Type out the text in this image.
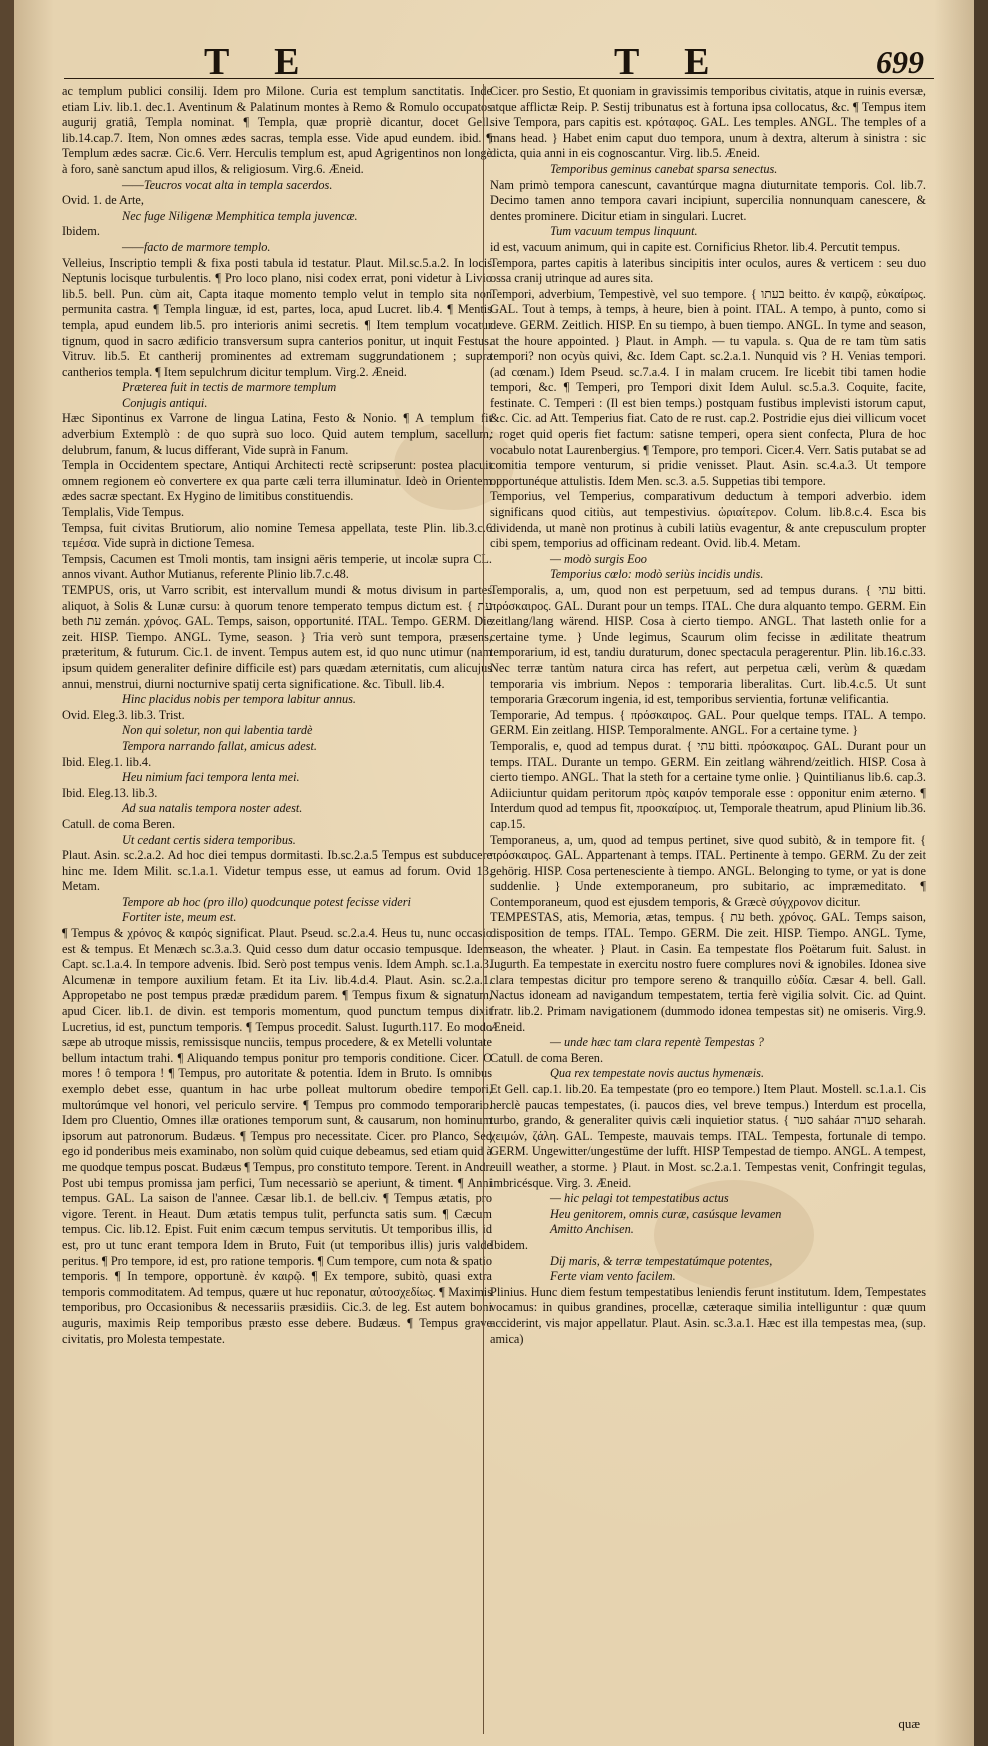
T E	T E	699

ac templum publici consilij. Idem pro Milone. Curia est templum sanctitatis. Inde etiam Liv. lib.1. dec.1. Aventinum & Palatinum montes à Remo & Romulo occupatos augurij gratiâ, Templa nominat. ¶ Templa, quæ propriè dicantur, docet Gell. lib.14.cap.7. Item, Non omnes ædes sacras, templa esse. Vide apud eundem. ibid. ¶ Templum ædes sacræ. Cic.6. Verr. Herculis templum est, apud Agrigentinos non longè à foro, sanè sanctum apud illos, & religiosum. Virg.6. Æneid.

——Teucros vocat alta in templa sacerdos.

Ovid. 1. de Arte,

Nec fuge Niligenæ Memphitica templa juvencæ.

Ibidem.

——facto de marmore templo.

Velleius, Inscriptio templi & fixa posti tabula id testatur. Plaut. Mil.sc.5.a.2. In locis Neptunis locisque turbulentis. ¶ Pro loco plano, nisi codex errat, poni videtur à Livio lib.5. bell. Pun. cùm ait, Capta itaque momento templo velut in templo sita non permunita castra. ¶ Templa linguæ, id est, partes, loca, apud Lucret. lib.4. ¶ Mentis templa, apud eundem lib.5. pro interioris animi secretis. ¶ Item templum vocatur tignum, quod in sacro ædificio transversum supra canterios ponitur, ut inquit Festus. Vitruv. lib.5. Et cantherij prominentes ad extremam suggrundationem ; supra cantherios templa. ¶ Item sepulchrum dicitur templum. Virg.2. Æneid.

Præterea fuit in tectis de marmore templum

Conjugis antiqui.

Hæc Sipontinus ex Varrone de lingua Latina, Festo & Nonio. ¶ A templum fit adverbium Extemplò : de quo suprà suo loco. Quid autem templum, sacellum, delubrum, fanum, & lucus differant, Vide suprà in Fanum.

Templa in Occidentem spectare, Antiqui Architecti rectè scripserunt: postea placuit omnem regionem eò convertere ex qua parte cæli terra illuminatur. Ideò in Orientem ædes sacræ spectant. Ex Hygino de limitibus constituendis.

Templalis, Vide Tempus.

Tempsa, fuit civitas Brutiorum, alio nomine Temesa appellata, teste Plin. lib.3.c.6 τεμέσα. Vide suprà in dictione Temesa.

Tempsis, Cacumen est Tmoli montis, tam insigni aëris temperie, ut incolæ supra CL. annos vivant. Author Mutianus, referente Plinio lib.7.c.48.

TEMPUS, oris, ut Varro scribit, est intervallum mundi & motus divisum in partes aliquot, à Solis & Lunæ cursu: à quorum tenore temperato tempus dictum est. { עת beth עת zemán. χρόνος. GAL. Temps, saison, opportunité. ITAL. Tempo. GERM. Die zeit. HISP. Tiempo. ANGL. Tyme, season. } Tria verò sunt tempora, præsens, præteritum, & futurum. Cic.1. de invent. Tempus autem est, id quo nunc utimur (nam ipsum quidem generaliter definire difficile est) pars quædam æternitatis, cum alicujus annui, menstrui, diurni nocturnive spatij certa significatione. &c. Tibull. lib.4.

Hinc placidus nobis per tempora labitur annus.

Ovid. Eleg.3. lib.3. Trist.

Non qui soletur, non qui labentia tardè

Tempora narrando fallat, amicus adest.

Ibid. Eleg.1. lib.4.

Heu nimium faci tempora lenta mei.

Ibid. Eleg.13. lib.3.

Ad sua natalis tempora noster adest.

Catull. de coma Beren.

Ut cedant certis sidera temporibus.

Plaut. Asin. sc.2.a.2. Ad hoc diei tempus dormitasti. Ib.sc.2.a.5 Tempus est subducere hinc me. Idem Milit. sc.1.a.1. Videtur tempus esse, ut eamus ad forum. Ovid 13. Metam.

Tempore ab hoc (pro illo) quodcunque potest fecisse videri

Fortiter iste, meum est.

¶ Tempus & χρόνος & καιρός significat. Plaut. Pseud. sc.2.a.4. Heus tu, nunc occasio est & tempus. Et Menæch sc.3.a.3. Quid cesso dum datur occasio tempusque. Idem Capt. sc.1.a.4. In tempore advenis. Ibid. Serò post tempus venis. Idem Amph. sc.1.a.3. Alcumenæ in tempore auxilium fetam. Et ita Liv. lib.4.d.4. Plaut. Asin. sc.2.a.1. Appropetabo ne post tempus prædæ prædidum parem. ¶ Tempus fixum & signatum, apud Cicer. lib.1. de divin. est temporis momentum, quod punctum tempus dixit Lucretius, id est, punctum temporis. ¶ Tempus procedit. Salust. Iugurth.117. Eo modo sæpe ab utroque missis, remissisque nunciis, tempus procedere, & ex Metelli voluntate bellum intactum trahi. ¶ Aliquando tempus ponitur pro temporis conditione. Cicer. O mores ! ô tempora ! ¶ Tempus, pro autoritate & potentia. Idem in Bruto. Is omnibus exemplo debet esse, quantum in hac urbe polleat multorum obedire tempori, multorúmque vel honori, vel periculo servire. ¶ Tempus pro commodo temporario. Idem pro Cluentio, Omnes illæ orationes temporum sunt, & causarum, non hominum ipsorum aut patronorum. Budæus. ¶ Tempus pro necessitate. Cicer. pro Planco, Sed ego id ponderibus meis examinabo, non solùm quid cuique debeamus, sed etiam quid à me quodque tempus poscat. Budæus ¶ Tempus, pro constituto tempore. Terent. in Andr. Post ubi tempus promissa jam perfici, Tum necessariò se aperiunt, & timent. ¶ Anni tempus. GAL. La saison de l'annee. Cæsar lib.1. de bell.civ. ¶ Tempus ætatis, pro vigore. Terent. in Heaut. Dum ætatis tempus tulit, perfuncta satis sum. ¶ Cæcum tempus. Cic. lib.12. Epist. Fuit enim cæcum tempus servitutis. Ut temporibus illis, id est, pro ut tunc erant tempora Idem in Bruto, Fuit (ut temporibus illis) juris valde peritus. ¶ Pro tempore, id est, pro ratione temporis. ¶ Cum tempore, cum nota & spatio temporis. ¶ In tempore, opportunè. ἐν καιρῷ. ¶ Ex tempore, subitò, quasi extra temporis commoditatem. Ad tempus, quære ut huc reponatur, αὐτοσχεδίως. ¶ Maximis temporibus, pro Occasionibus & necessariis præsidiis. Cic.3. de leg. Est autem boni auguris, maximis Reip temporibus præsto esse debere. Budæus. ¶ Tempus grave civitatis, pro Molesta tempestate.

Cicer. pro Sestio, Et quoniam in gravissimis temporibus civitatis, atque in ruinis eversæ, atque afflictæ Reip. P. Sestij tribunatus est à fortuna ipsa collocatus, &c. ¶ Tempus item sive Tempora, pars capitis est. κρόταφος. GAL. Les temples. ANGL. The temples of a mans head. } Habet enim caput duo tempora, unum à dextra, alterum à sinistra : sic dicta, quia anni in eis cognoscantur. Virg. lib.5. Æneid.

Temporibus geminus canebat sparsa senectus.

Nam primò tempora canescunt, cavantúrque magna diuturnitate temporis. Col. lib.7. Decimo tamen anno tempora cavari incipiunt, supercilia nonnunquam canescere, & dentes prominere. Dicitur etiam in singulari. Lucret.

Tum vacuum tempus linquunt.

id est, vacuum animum, qui in capite est. Cornificius Rhetor. lib.4. Percutit tempus.

Tempora, partes capitis à lateribus sincipitis inter oculos, aures & verticem : seu duo ossa cranij utrinque ad aures sita.

Tempori, adverbium, Tempestivè, vel suo tempore. { בעתו beitto. ἐν καιρῷ, εὐκαίρως. GAL. Tout à temps, à temps, à heure, bien à point. ITAL. A tempo, à punto, como si deve. GERM. Zeitlich. HISP. En su tiempo, à buen tiempo. ANGL. In tyme and season, at the houre appointed. } Plaut. in Amph. — tu vapula. s. Qua de re tam tùm satis tempori? non ocyùs quivi, &c. Idem Capt. sc.2.a.1. Nunquid vis ? H. Venias tempori. (ad cœnam.) Idem Pseud. sc.7.a.4. I in malam crucem. Ire licebit tibi tamen hodie tempori, &c. ¶ Temperi, pro Tempori dixit Idem Aulul. sc.5.a.3. Coquite, facite, festinate. C. Temperi : (Il est bien temps.) postquam fustibus implevisti istorum caput, &c. Cic. ad Att. Temperius fiat. Cato de re rust. cap.2. Postridie ejus diei villicum vocet : roget quid operis fiet factum: satisne temperi, opera sient confecta, Plura de hoc vocabulo notat Laurenbergius. ¶ Tempore, pro tempori. Cicer.4. Verr. Satis putabat se ad comitia tempore venturum, si pridie venisset. Plaut. Asin. sc.4.a.3. Ut tempore opportunéque attulistis. Idem Men. sc.3. a.5. Suppetias tibi tempore.

Temporius, vel Temperius, comparativum deductum à tempori adverbio. idem significans quod citiùs, aut tempestivius. ὡριαίτερον. Colum. lib.8.c.4. Esca bis dividenda, ut manè non protinus à cubili latiùs evagentur, & ante crepusculum propter cibi spem, temporius ad officinam redeant. Ovid. lib.4. Metam.

— modò surgis Eoo

Temporius cœlo: modò seriùs incidis undis.

Temporalis, a, um, quod non est perpetuum, sed ad tempus durans. { עתי bitti. πρόσκαιρος. GAL. Durant pour un temps. ITAL. Che dura alquanto tempo. GERM. Ein zeitlang/lang wärend. HISP. Cosa à cierto tiempo. ANGL. That lasteth onlie for a certaine tyme. } Unde legimus, Scaurum olim fecisse in ædilitate theatrum temporarium, id est, tandiu duraturum, donec spectacula peragerentur. Plin. lib.16.c.33. Nec terræ tantùm natura circa has refert, aut perpetua cæli, verùm & quædam temporaria vis imbrium. Nepos : temporaria liberalitas. Curt. lib.4.c.5. Ut sunt temporaria Græcorum ingenia, id est, temporibus servientia, fortunæ velificantia.

Temporarie, Ad tempus. { πρόσκαιρος. GAL. Pour quelque temps. ITAL. A tempo. GERM. Ein zeitlang. HISP. Temporalmente. ANGL. For a certaine tyme. }

Temporalis, e, quod ad tempus durat. { עתי bitti. πρόσκαιρος. GAL. Durant pour un temps. ITAL. Durante un tempo. GERM. Ein zeitlang während/zeitlich. HISP. Cosa à cierto tiempo. ANGL. That la steth for a certaine tyme onlie. } Quintilianus lib.6. cap.3. Adiiciuntur quidam peritorum πρὸς καιρόν temporale esse : opponitur enim æterno. ¶ Interdum quod ad tempus fit, προσκαίριος. ut, Temporale theatrum, apud Plinium lib.36. cap.15.

Temporaneus, a, um, quod ad tempus pertinet, sive quod subitò, & in tempore fit. { πρόσκαιρος. GAL. Appartenant à temps. ITAL. Pertinente à tempo. GERM. Zu der zeit gehörig. HISP. Cosa pertenesciente à tiempo. ANGL. Belonging to tyme, or yat is done suddenlie. } Unde extemporaneum, pro subitario, ac impræmeditato. ¶ Contemporaneum, quod est ejusdem temporis, & Græcè σύγχρονον dicitur.

TEMPESTAS, atis, Memoria, ætas, tempus. { עת beth. χρόνος. GAL. Temps saison, disposition de temps. ITAL. Tempo. GERM. Die zeit. HISP. Tiempo. ANGL. Tyme, season, the wheater. } Plaut. in Casin. Ea tempestate flos Poëtarum fuit. Salust. in Iugurth. Ea tempestate in exercitu nostro fuere complures novi & ignobiles. Idonea sive clara tempestas dicitur pro tempore sereno & tranquillo εὐδία. Cæsar 4. bell. Gall. Nactus idoneam ad navigandum tempestatem, tertia ferè vigilia solvit. Cic. ad Quint. fratr. lib.2. Primam navigationem (dummodo idonea tempestas sit) ne omiseris. Virg.9. Æneid.

— unde hæc tam clara repentè Tempestas ?

Catull. de coma Beren.

Qua rex tempestate novis auctus hymenæis.

Et Gell. cap.1. lib.20. Ea tempestate (pro eo tempore.) Item Plaut. Mostell. sc.1.a.1. Cis herclè paucas tempestates, (i. paucos dies, vel breve tempus.) Interdum est procella, turbo, grando, & generaliter quivis cæli inquietior status. { סער saháar סערה seharah. χειμών, ζάλη. GAL. Tempeste, mauvais temps. ITAL. Tempesta, fortunale di tempo. GERM. Ungewitter/ungestüme der lufft. HISP Tempestad de tiempo. ANGL. A tempest, euill weather, a storme. } Plaut. in Most. sc.2.a.1. Tempestas venit, Confringit tegulas, imbricésque. Virg. 3. Æneid.

— hic pelagi tot tempestatibus actus

Heu genitorem, omnis curæ, casúsque levamen

Amitto Anchisen.

Ibidem.

Dij maris, & terræ tempestatúmque potentes,

Ferte viam vento facilem.

Plinius. Hunc diem festum tempestatibus leniendis ferunt institutum. Idem, Tempestates vocamus: in quibus grandines, procellæ, cæteraque similia intelliguntur : quæ quum acciderint, vis major appellatur. Plaut. Asin. sc.3.a.1. Hæc est illa tempestas mea, (sup. amica)

quæ
